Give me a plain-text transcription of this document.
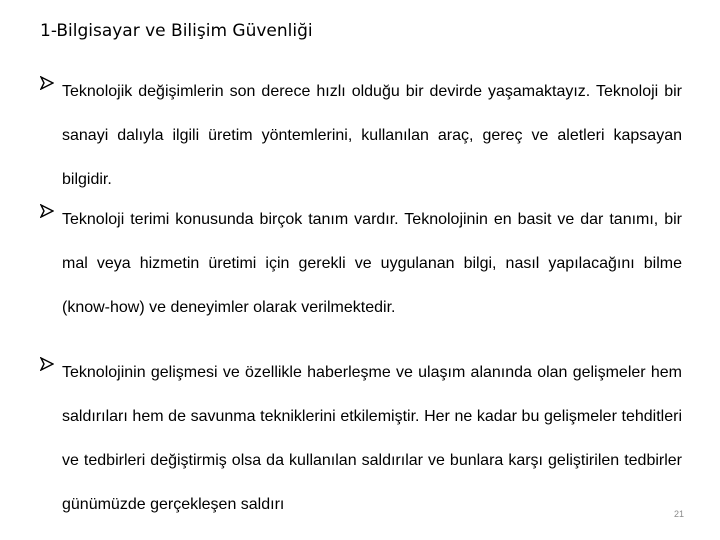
1-Bilgisayar ve Bilişim Güvenliği
Teknolojik değişimlerin son derece hızlı olduğu bir devirde yaşamaktayız. Teknoloji bir sanayi dalıyla ilgili üretim yöntemlerini, kullanılan araç, gereç ve aletleri kapsayan bilgidir.
Teknoloji terimi konusunda birçok tanım vardır. Teknolojinin en basit ve dar tanımı, bir mal veya hizmetin üretimi için gerekli ve uygulanan bilgi, nasıl yapılacağını bilme (know-how) ve deneyimler olarak verilmektedir.
Teknolojinin gelişmesi ve özellikle haberleşme ve ulaşım alanında olan gelişmeler hem saldırıları hem de savunma tekniklerini etkilemiştir. Her ne kadar bu gelişmeler tehditleri ve tedbirleri değiştirmiş olsa da kullanılan saldırılar ve bunlara karşı geliştirilen tedbirler günümüzde gerçekleşen saldırı
21
